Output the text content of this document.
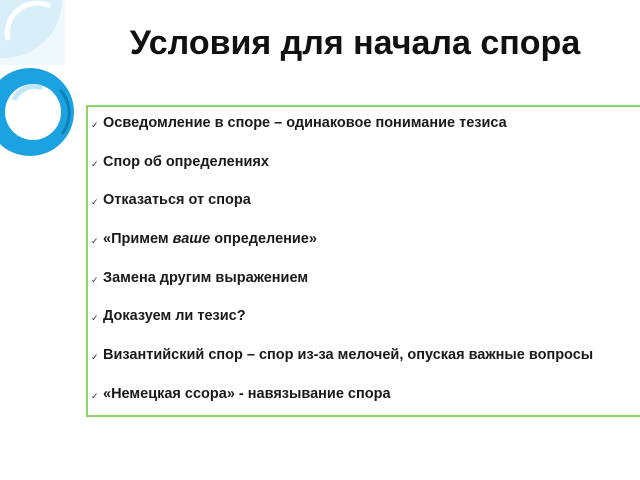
Условия для начала спора
✓ Осведомление в споре – одинаковое понимание тезиса
✓ Спор об определениях
✓ Отказаться от спора
✓ «Примем ваше определение»
✓ Замена другим выражением
✓ Доказуем ли тезис?
✓ Византийский спор – спор из-за мелочей, опуская важные вопросы
✓ «Немецкая ссора» - навязывание спора
